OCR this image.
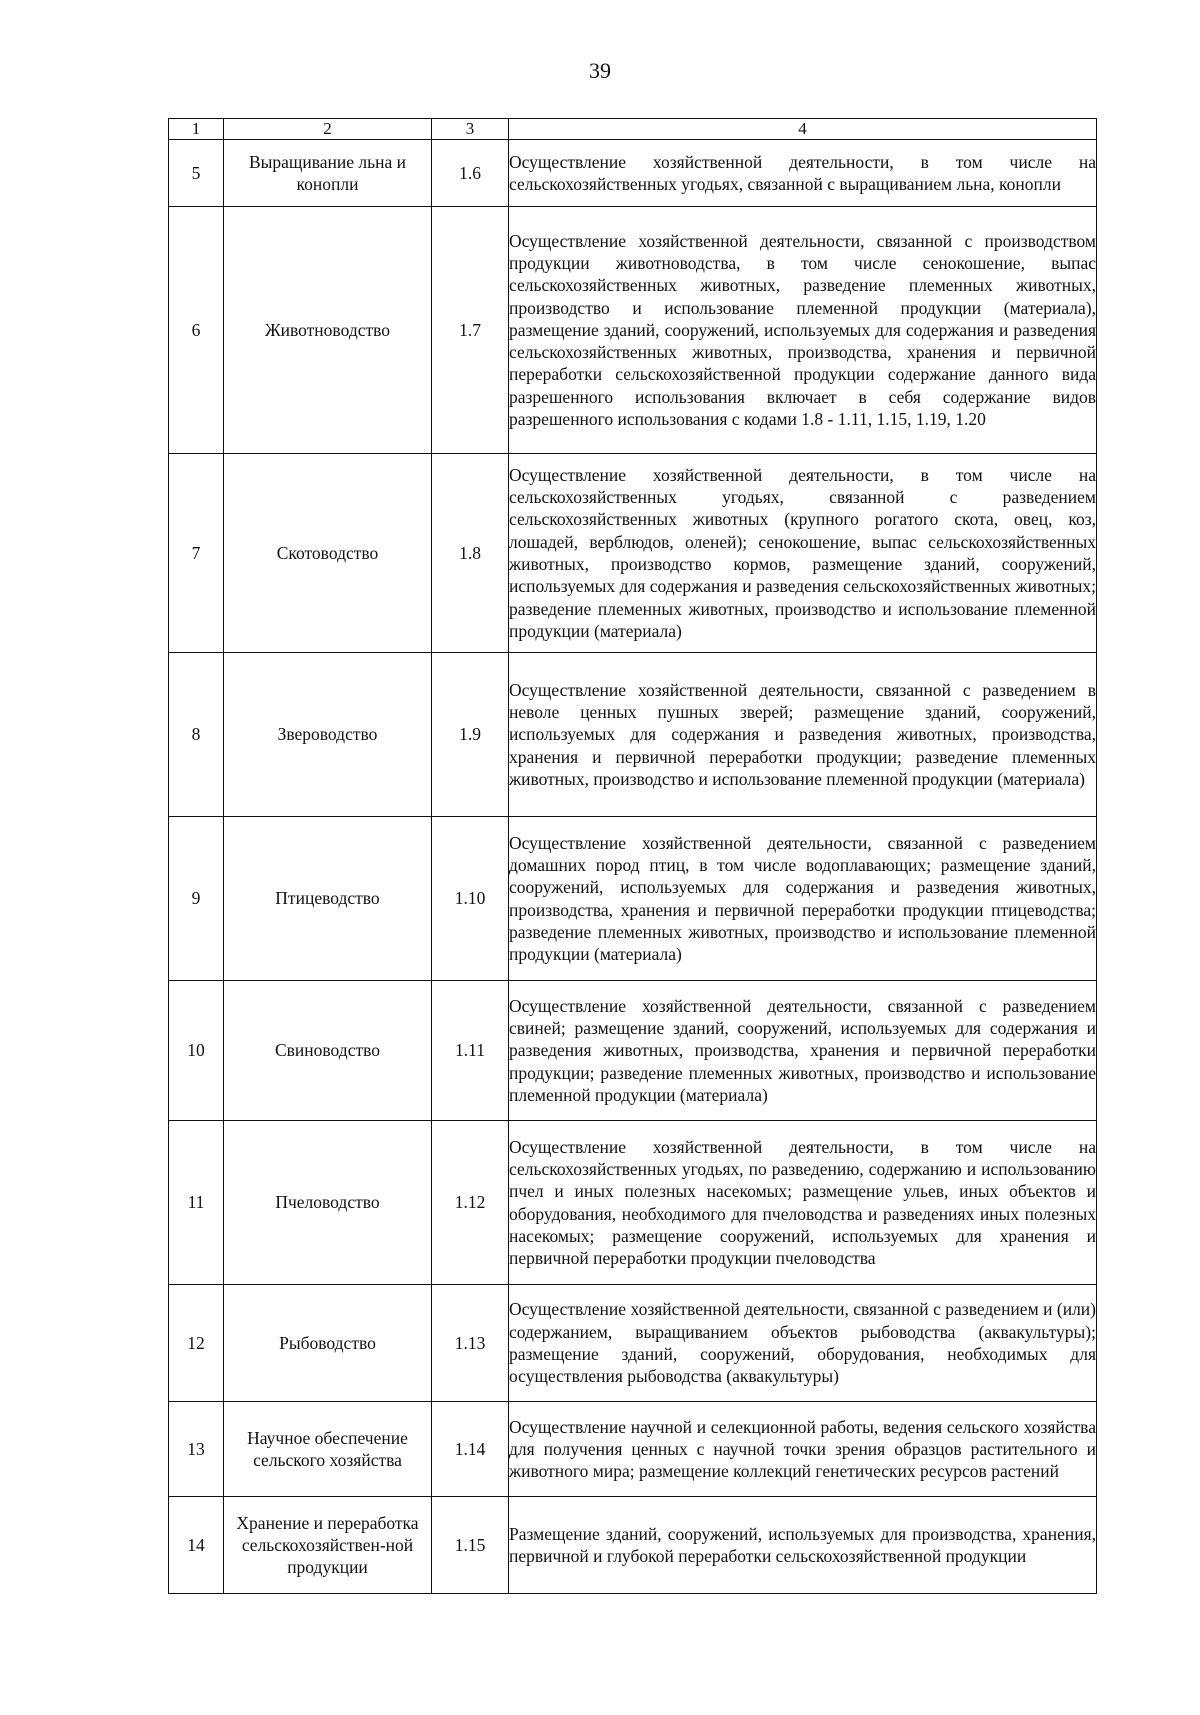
39
1	2	3	4
5	Выращивание льна и конопли	1.6	Осуществление хозяйственной деятельности, в том числе на сельскохозяйственных угодьях, связанной с выращиванием льна, конопли
6	Животноводство	1.7	Осуществление хозяйственной деятельности, связанной с производством продукции животноводства, в том числе сенокошение, выпас сельскохозяйственных животных, разведение племенных животных, производство и использование племенной продукции (материала), размещение зданий, сооружений, используемых для содержания и разведения сельскохозяйственных животных, производства, хранения и первичной переработки сельскохозяйственной продукции содержание данного вида разрешенного использования включает в себя содержание видов разрешенного использования с кодами 1.8 - 1.11, 1.15, 1.19, 1.20
7	Скотоводство	1.8	Осуществление хозяйственной деятельности, в том числе на сельскохозяйственных угодьях, связанной с разведением сельскохозяйственных животных (крупного рогатого скота, овец, коз, лошадей, верблюдов, оленей); сенокошение, выпас сельскохозяйственных животных, производство кормов, размещение зданий, сооружений, используемых для содержания и разведения сельскохозяйственных животных; разведение племенных животных, производство и использование племенной продукции (материала)
8	Звероводство	1.9	Осуществление хозяйственной деятельности, связанной с разведением в неволе ценных пушных зверей; размещение зданий, сооружений, используемых для содержания и разведения животных, производства, хранения и первичной переработки продукции; разведение племенных животных, производство и использование племенной продукции (материала)
9	Птицеводство	1.10	Осуществление хозяйственной деятельности, связанной с разведением домашних пород птиц, в том числе водоплавающих; размещение зданий, сооружений, используемых для содержания и разведения животных, производства, хранения и первичной переработки продукции птицеводства; разведение племенных животных, производство и использование племенной продукции (материала)
10	Свиноводство	1.11	Осуществление хозяйственной деятельности, связанной с разведением свиней; размещение зданий, сооружений, используемых для содержания и разведения животных, производства, хранения и первичной переработки продукции; разведение племенных животных, производство и использование племенной продукции (материала)
11	Пчеловодство	1.12	Осуществление хозяйственной деятельности, в том числе на сельскохозяйственных угодьях, по разведению, содержанию и использованию пчел и иных полезных насекомых; размещение ульев, иных объектов и оборудования, необходимого для пчеловодства и разведениях иных полезных насекомых; размещение сооружений, используемых для хранения и первичной переработки продукции пчеловодства
12	Рыбоводство	1.13	Осуществление хозяйственной деятельности, связанной с разведением и (или) содержанием, выращиванием объектов рыбоводства (аквакультуры); размещение зданий, сооружений, оборудования, необходимых для осуществления рыбоводства (аквакультуры)
13	Научное обеспечение сельского хозяйства	1.14	Осуществление научной и селекционной работы, ведения сельского хозяйства для получения ценных с научной точки зрения образцов растительного и животного мира; размещение коллекций генетических ресурсов растений
14	Хранение и переработка сельскохозяйствен-ной продукции	1.15	Размещение зданий, сооружений, используемых для производства, хранения, первичной и глубокой переработки сельскохозяйственной продукции
